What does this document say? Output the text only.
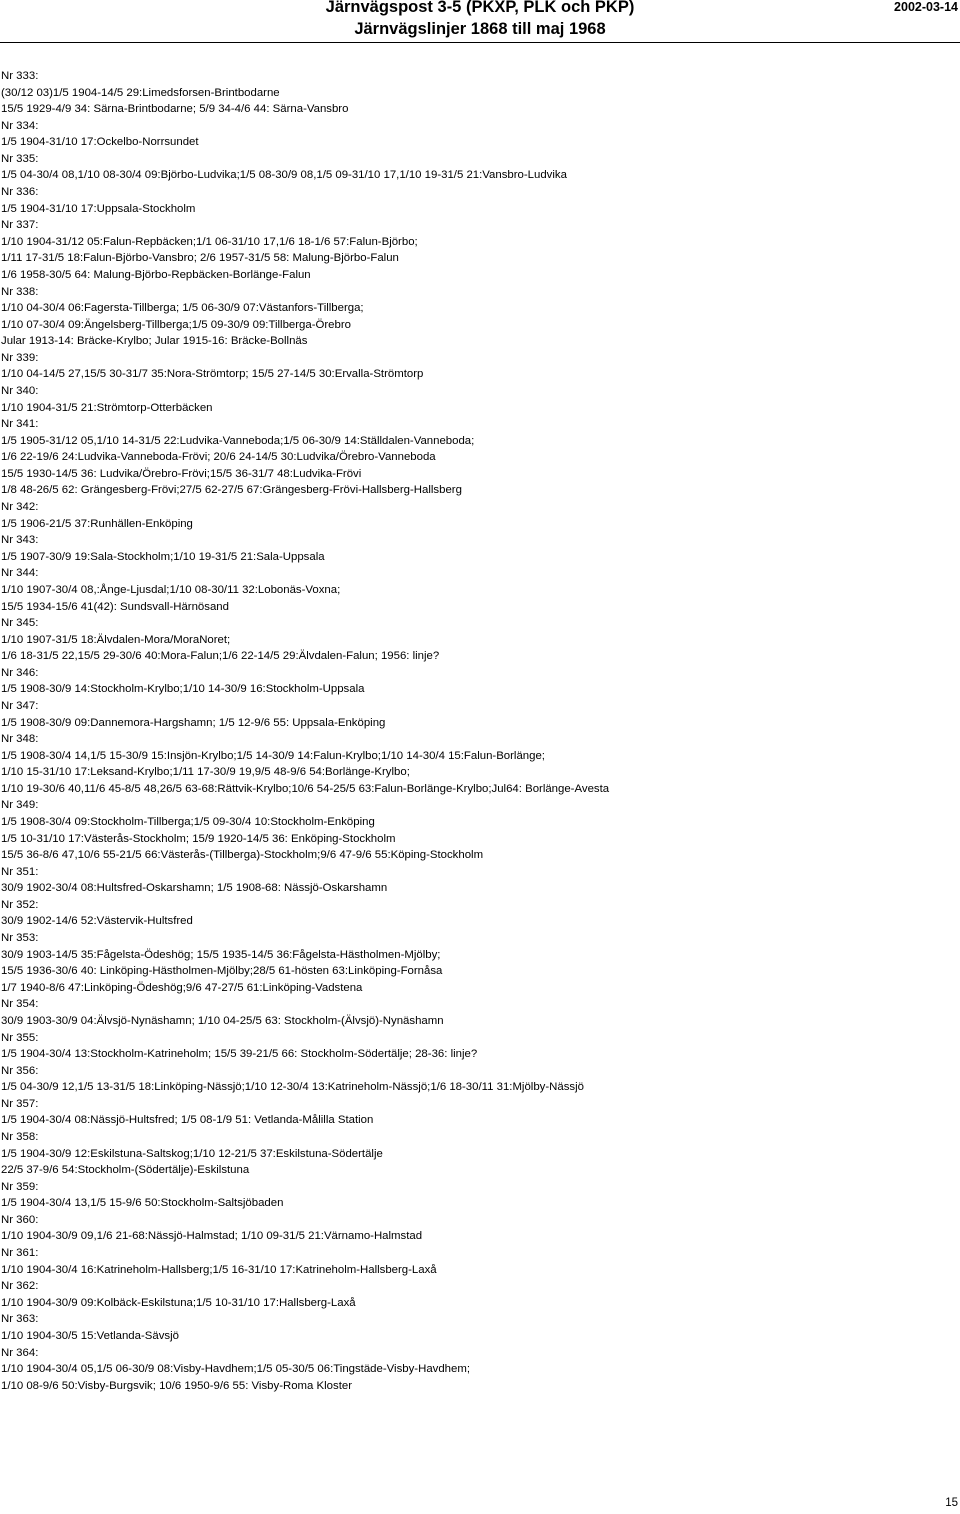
Järnvägspost 3-5 (PKXP, PLK och PKP)
Järnvägslinjer 1868 till maj 1968
2002-03-14
Nr 333:
(30/12 03)1/5 1904-14/5 29:Limedsforsen-Brintbodarne
15/5 1929-4/9 34: Särna-Brintbodarne; 5/9 34-4/6 44: Särna-Vansbro
Nr 334:
1/5 1904-31/10 17:Ockelbo-Norrsundet
Nr 335:
1/5 04-30/4 08,1/10 08-30/4 09:Björbo-Ludvika;1/5 08-30/9 08,1/5 09-31/10 17,1/10 19-31/5 21:Vansbro-Ludvika
Nr 336:
1/5 1904-31/10 17:Uppsala-Stockholm
Nr 337:
1/10 1904-31/12 05:Falun-Repbäcken;1/1 06-31/10 17,1/6 18-1/6 57:Falun-Björbo;
1/11 17-31/5 18:Falun-Björbo-Vansbro; 2/6 1957-31/5 58: Malung-Björbo-Falun
1/6 1958-30/5 64: Malung-Björbo-Repbäcken-Borlänge-Falun
Nr 338:
1/10 04-30/4 06:Fagersta-Tillberga; 1/5 06-30/9 07:Västanfors-Tillberga;
1/10 07-30/4 09:Ängelsberg-Tillberga;1/5 09-30/9 09:Tillberga-Örebro
Jular 1913-14: Bräcke-Krylbo; Jular 1915-16: Bräcke-Bollnäs
Nr 339:
1/10 04-14/5 27,15/5 30-31/7 35:Nora-Strömtorp; 15/5 27-14/5 30:Ervalla-Strömtorp
Nr 340:
1/10 1904-31/5 21:Strömtorp-Otterbäcken
Nr 341:
1/5 1905-31/12 05,1/10 14-31/5 22:Ludvika-Vanneboda;1/5 06-30/9 14:Ställdalen-Vanneboda;
1/6 22-19/6 24:Ludvika-Vanneboda-Frövi; 20/6 24-14/5 30:Ludvika/Örebro-Vanneboda
15/5 1930-14/5 36: Ludvika/Örebro-Frövi;15/5 36-31/7 48:Ludvika-Frövi
1/8 48-26/5 62: Grängesberg-Frövi;27/5 62-27/5 67:Grängesberg-Frövi-Hallsberg-Hallsberg
Nr 342:
1/5 1906-21/5 37:Runhällen-Enköping
Nr 343:
1/5 1907-30/9 19:Sala-Stockholm;1/10 19-31/5 21:Sala-Uppsala
Nr 344:
1/10 1907-30/4 08,:Ånge-Ljusdal;1/10 08-30/11 32:Lobonäs-Voxna;
15/5 1934-15/6 41(42): Sundsvall-Härnösand
Nr 345:
1/10 1907-31/5 18:Älvdalen-Mora/MoraNoret;
1/6 18-31/5 22,15/5 29-30/6 40:Mora-Falun;1/6 22-14/5 29:Älvdalen-Falun; 1956: linje?
Nr 346:
1/5 1908-30/9 14:Stockholm-Krylbo;1/10 14-30/9 16:Stockholm-Uppsala
Nr 347:
1/5 1908-30/9 09:Dannemora-Hargshamn; 1/5 12-9/6 55: Uppsala-Enköping
Nr 348:
1/5 1908-30/4 14,1/5 15-30/9 15:Insjön-Krylbo;1/5 14-30/9 14:Falun-Krylbo;1/10 14-30/4 15:Falun-Borlänge;
1/10 15-31/10 17:Leksand-Krylbo;1/11 17-30/9 19,9/5 48-9/6 54:Borlänge-Krylbo;
1/10 19-30/6 40,11/6 45-8/5 48,26/5 63-68:Rättvik-Krylbo;10/6 54-25/5 63:Falun-Borlänge-Krylbo;Jul64: Borlänge-Avesta
Nr 349:
1/5 1908-30/4 09:Stockholm-Tillberga;1/5 09-30/4 10:Stockholm-Enköping
1/5 10-31/10 17:Västerås-Stockholm; 15/9 1920-14/5 36: Enköping-Stockholm
15/5 36-8/6 47,10/6 55-21/5 66:Västerås-(Tillberga)-Stockholm;9/6 47-9/6 55:Köping-Stockholm
Nr 351:
30/9 1902-30/4 08:Hultsfred-Oskarshamn; 1/5 1908-68: Nässjö-Oskarshamn
Nr 352:
30/9 1902-14/6 52:Västervik-Hultsfred
Nr 353:
30/9 1903-14/5 35:Fågelsta-Ödeshög; 15/5 1935-14/5 36:Fågelsta-Hästholmen-Mjölby;
15/5 1936-30/6 40: Linköping-Hästholmen-Mjölby;28/5 61-hösten 63:Linköping-Fornåsa
1/7 1940-8/6 47:Linköping-Ödeshög;9/6 47-27/5 61:Linköping-Vadstena
Nr 354:
30/9 1903-30/9 04:Älvsjö-Nynäshamn; 1/10 04-25/5 63: Stockholm-(Älvsjö)-Nynäshamn
Nr 355:
1/5 1904-30/4 13:Stockholm-Katrineholm; 15/5 39-21/5 66: Stockholm-Södertälje; 28-36: linje?
Nr 356:
1/5 04-30/9 12,1/5 13-31/5 18:Linköping-Nässjö;1/10 12-30/4 13:Katrineholm-Nässjö;1/6 18-30/11 31:Mjölby-Nässjö
Nr 357:
1/5 1904-30/4 08:Nässjö-Hultsfred; 1/5 08-1/9 51: Vetlanda-Målilla Station
Nr 358:
1/5 1904-30/9 12:Eskilstuna-Saltskog;1/10 12-21/5 37:Eskilstuna-Södertälje
22/5 37-9/6 54:Stockholm-(Södertälje)-Eskilstuna
Nr 359:
1/5 1904-30/4 13,1/5 15-9/6 50:Stockholm-Saltsjöbaden
Nr 360:
1/10 1904-30/9 09,1/6 21-68:Nässjö-Halmstad; 1/10 09-31/5 21:Värnamo-Halmstad
Nr 361:
1/10 1904-30/4 16:Katrineholm-Hallsberg;1/5 16-31/10 17:Katrineholm-Hallsberg-Laxå
Nr 362:
1/10 1904-30/9 09:Kolbäck-Eskilstuna;1/5 10-31/10 17:Hallsberg-Laxå
Nr 363:
1/10 1904-30/5 15:Vetlanda-Sävsjö
Nr 364:
1/10 1904-30/4 05,1/5 06-30/9 08:Visby-Havdhem;1/5 05-30/5 06:Tingstäde-Visby-Havdhem;
1/10 08-9/6 50:Visby-Burgsvik; 10/6 1950-9/6 55: Visby-Roma Kloster
15
